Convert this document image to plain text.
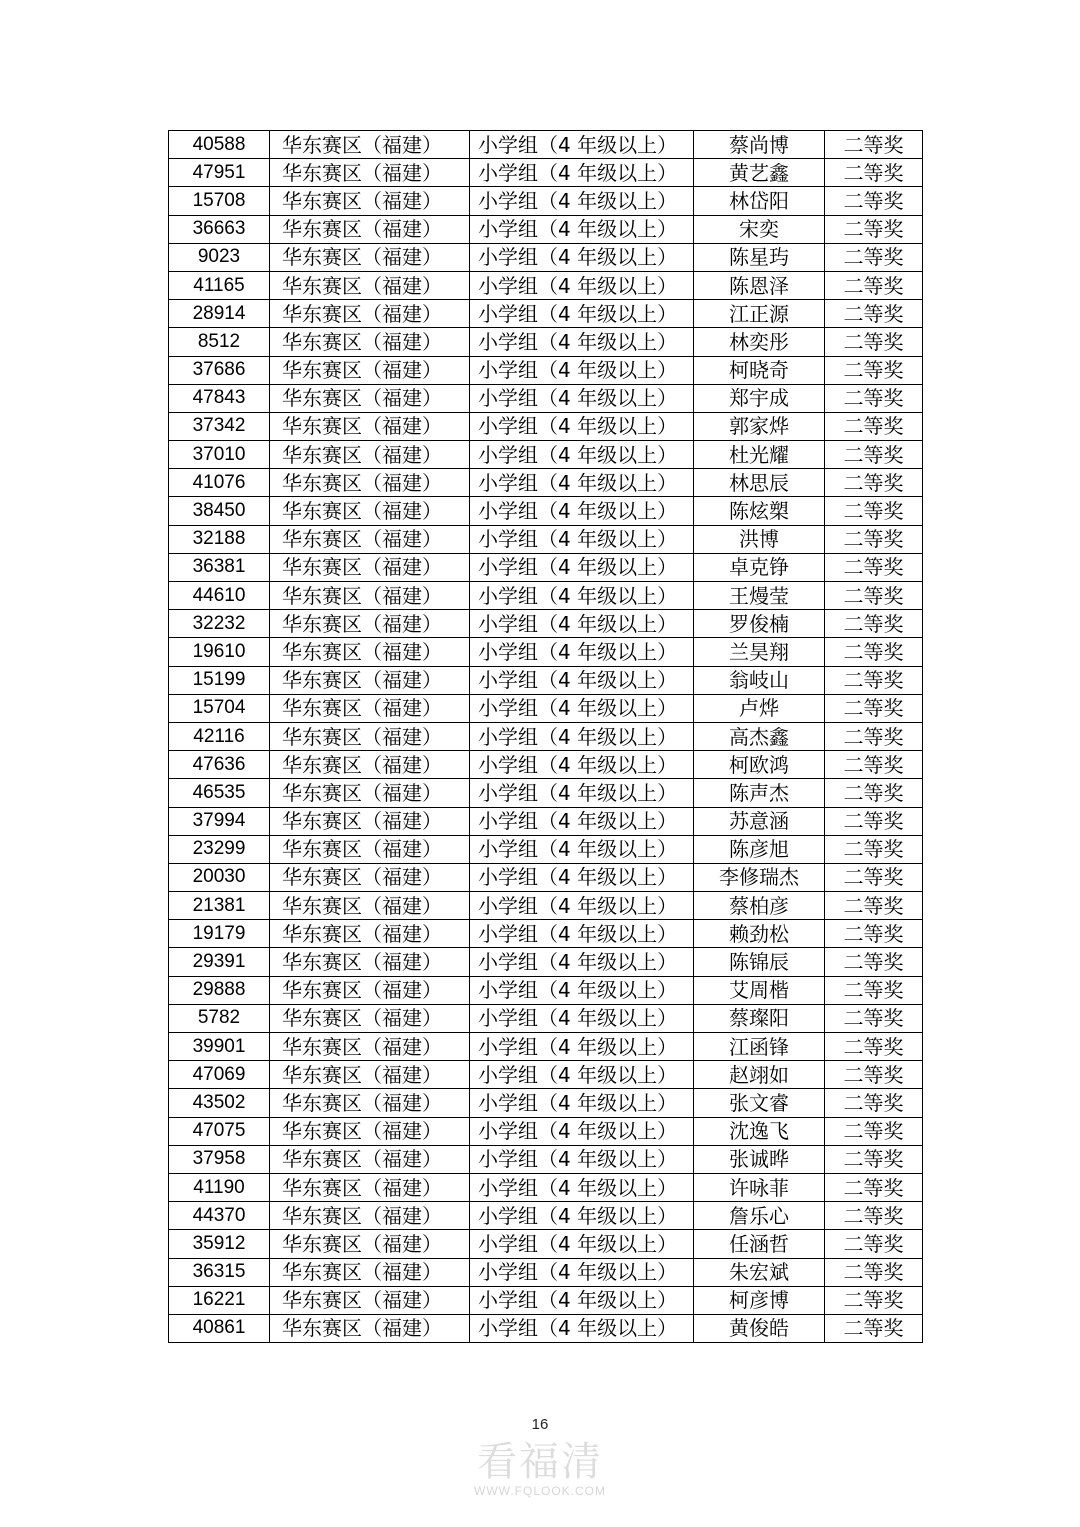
40588	华东赛区（福建）	小学组（4 年级以上）	蔡尚博	二等奖
47951	华东赛区（福建）	小学组（4 年级以上）	黄艺鑫	二等奖
15708	华东赛区（福建）	小学组（4 年级以上）	林岱阳	二等奖
36663	华东赛区（福建）	小学组（4 年级以上）	宋奕	二等奖
9023	华东赛区（福建）	小学组（4 年级以上）	陈星玙	二等奖
41165	华东赛区（福建）	小学组（4 年级以上）	陈恩泽	二等奖
28914	华东赛区（福建）	小学组（4 年级以上）	江正源	二等奖
8512	华东赛区（福建）	小学组（4 年级以上）	林奕彤	二等奖
37686	华东赛区（福建）	小学组（4 年级以上）	柯晓奇	二等奖
47843	华东赛区（福建）	小学组（4 年级以上）	郑宇成	二等奖
37342	华东赛区（福建）	小学组（4 年级以上）	郭家烨	二等奖
37010	华东赛区（福建）	小学组（4 年级以上）	杜光耀	二等奖
41076	华东赛区（福建）	小学组（4 年级以上）	林思辰	二等奖
38450	华东赛区（福建）	小学组（4 年级以上）	陈炫槊	二等奖
32188	华东赛区（福建）	小学组（4 年级以上）	洪博	二等奖
36381	华东赛区（福建）	小学组（4 年级以上）	卓克铮	二等奖
44610	华东赛区（福建）	小学组（4 年级以上）	王熳莹	二等奖
32232	华东赛区（福建）	小学组（4 年级以上）	罗俊楠	二等奖
19610	华东赛区（福建）	小学组（4 年级以上）	兰昊翔	二等奖
15199	华东赛区（福建）	小学组（4 年级以上）	翁岐山	二等奖
15704	华东赛区（福建）	小学组（4 年级以上）	卢烨	二等奖
42116	华东赛区（福建）	小学组（4 年级以上）	高杰鑫	二等奖
47636	华东赛区（福建）	小学组（4 年级以上）	柯欧鸿	二等奖
46535	华东赛区（福建）	小学组（4 年级以上）	陈声杰	二等奖
37994	华东赛区（福建）	小学组（4 年级以上）	苏意涵	二等奖
23299	华东赛区（福建）	小学组（4 年级以上）	陈彦旭	二等奖
20030	华东赛区（福建）	小学组（4 年级以上）	李修瑞杰	二等奖
21381	华东赛区（福建）	小学组（4 年级以上）	蔡柏彦	二等奖
19179	华东赛区（福建）	小学组（4 年级以上）	赖劲松	二等奖
29391	华东赛区（福建）	小学组（4 年级以上）	陈锦辰	二等奖
29888	华东赛区（福建）	小学组（4 年级以上）	艾周楷	二等奖
5782	华东赛区（福建）	小学组（4 年级以上）	蔡璨阳	二等奖
39901	华东赛区（福建）	小学组（4 年级以上）	江函锋	二等奖
47069	华东赛区（福建）	小学组（4 年级以上）	赵翊如	二等奖
43502	华东赛区（福建）	小学组（4 年级以上）	张文睿	二等奖
47075	华东赛区（福建）	小学组（4 年级以上）	沈逸飞	二等奖
37958	华东赛区（福建）	小学组（4 年级以上）	张诚晔	二等奖
41190	华东赛区（福建）	小学组（4 年级以上）	许咏菲	二等奖
44370	华东赛区（福建）	小学组（4 年级以上）	詹乐心	二等奖
35912	华东赛区（福建）	小学组（4 年级以上）	任涵哲	二等奖
36315	华东赛区（福建）	小学组（4 年级以上）	朱宏斌	二等奖
16221	华东赛区（福建）	小学组（4 年级以上）	柯彦博	二等奖
40861	华东赛区（福建）	小学组（4 年级以上）	黄俊皓	二等奖
16
看福清
WWW.FQLOOK.COM
